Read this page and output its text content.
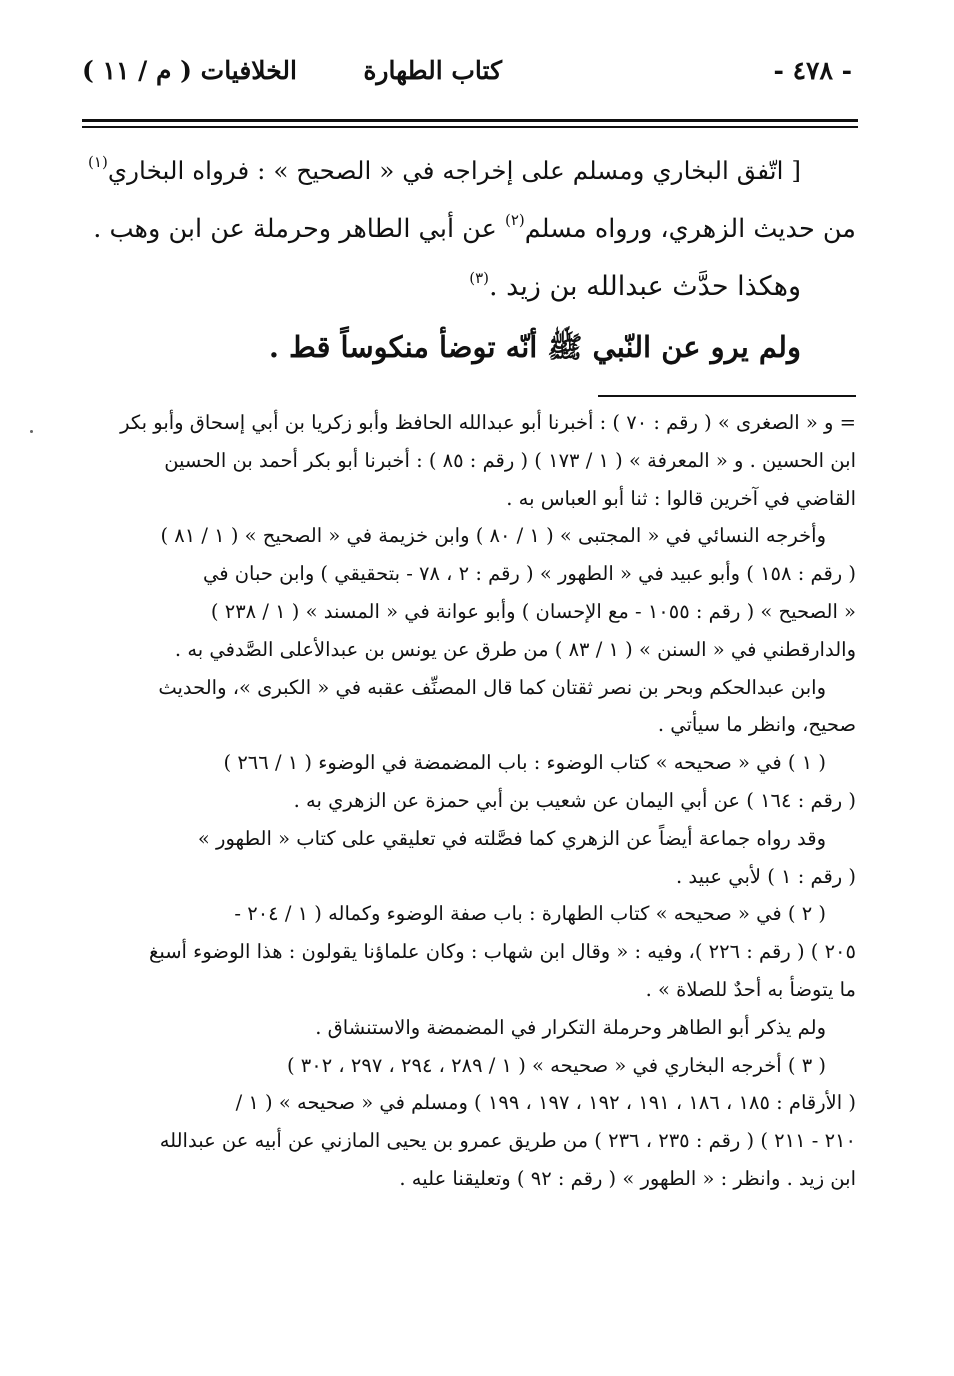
- ٤٧٨ -
كتاب الطهارة
الخلافيات ( م / ١١ )
[ اتّفق البخاري ومسلم على إخراجه في « الصحيح » : فرواه البخاري$^{(١)}$
من حديث الزهري، ورواه مسلم$^{(٢)}$ عن أبي الطاهر وحرملة عن ابن وهب .
وهكذا حدَّث عبدالله بن زيد .$^{(٣)}$
ولم يرو عن النّبي ﷺ أنّه توضأ منكوساً قط .
= و « الصغرى » ( رقم : ٧٠ ) : أخبرنا أبو عبدالله الحافظ وأبو زكريا بن أبي إسحاق وأبو بكر
ابن الحسين . و « المعرفة » ( ١ / ١٧٣ ) ( رقم : ٨٥ ) : أخبرنا أبو بكر أحمد بن الحسين
القاضي في آخرين قالوا : ثنا أبو العباس به .
وأخرجه النسائي في « المجتبى » ( ١ / ٨٠ ) وابن خزيمة في « الصحيح » ( ١ / ٨١ )
( رقم : ١٥٨ ) وأبو عبيد في « الطهور » ( رقم : ٢ ، ٧٨ - بتحقيقي ) وابن حبان في
« الصحيح » ( رقم : ١٠٥٥ - مع الإحسان ) وأبو عوانة في « المسند » ( ١ / ٢٣٨ )
والدارقطني في « السنن » ( ١ / ٨٣ ) من طرق عن يونس بن عبدالأعلى الصَّدفي به .
وابن عبدالحكم وبحر بن نصر ثقتان كما قال المصنِّف عقبه في « الكبرى »، والحديث
صحيح، وانظر ما سيأتي .
( ١ ) في « صحيحه » كتاب الوضوء : باب المضمضة في الوضوء ( ١ / ٢٦٦ )
( رقم : ١٦٤ ) عن أبي اليمان عن شعيب بن أبي حمزة عن الزهري به .
وقد رواه جماعة أيضاً عن الزهري كما فصَّلته في تعليقي على كتاب « الطهور »
( رقم : ١ ) لأبي عبيد .
( ٢ ) في « صحيحه » كتاب الطهارة : باب صفة الوضوء وكماله ( ١ / ٢٠٤ -
٢٠٥ ) ( رقم : ٢٢٦ )، وفيه : « وقال ابن شهاب : وكان علماؤنا يقولون : هذا الوضوء أسبغ
ما يتوضأ به أحدٌ للصلاة » .
ولم يذكر أبو الطاهر وحرملة التكرار في المضمضة والاستنشاق .
( ٣ ) أخرجه البخاري في « صحيحه » ( ١ / ٢٨٩ ، ٢٩٤ ، ٢٩٧ ، ٣٠٢ )
( الأرقام : ١٨٥ ، ١٨٦ ، ١٩١ ، ١٩٢ ، ١٩٧ ، ١٩٩ ) ومسلم في « صحيحه » ( ١ /
٢١٠ - ٢١١ ) ( رقم : ٢٣٥ ، ٢٣٦ ) من طريق عمرو بن يحيى المازني عن أبيه عن عبدالله
ابن زيد . وانظر : « الطهور » ( رقم : ٩٢ ) وتعليقنا عليه .
